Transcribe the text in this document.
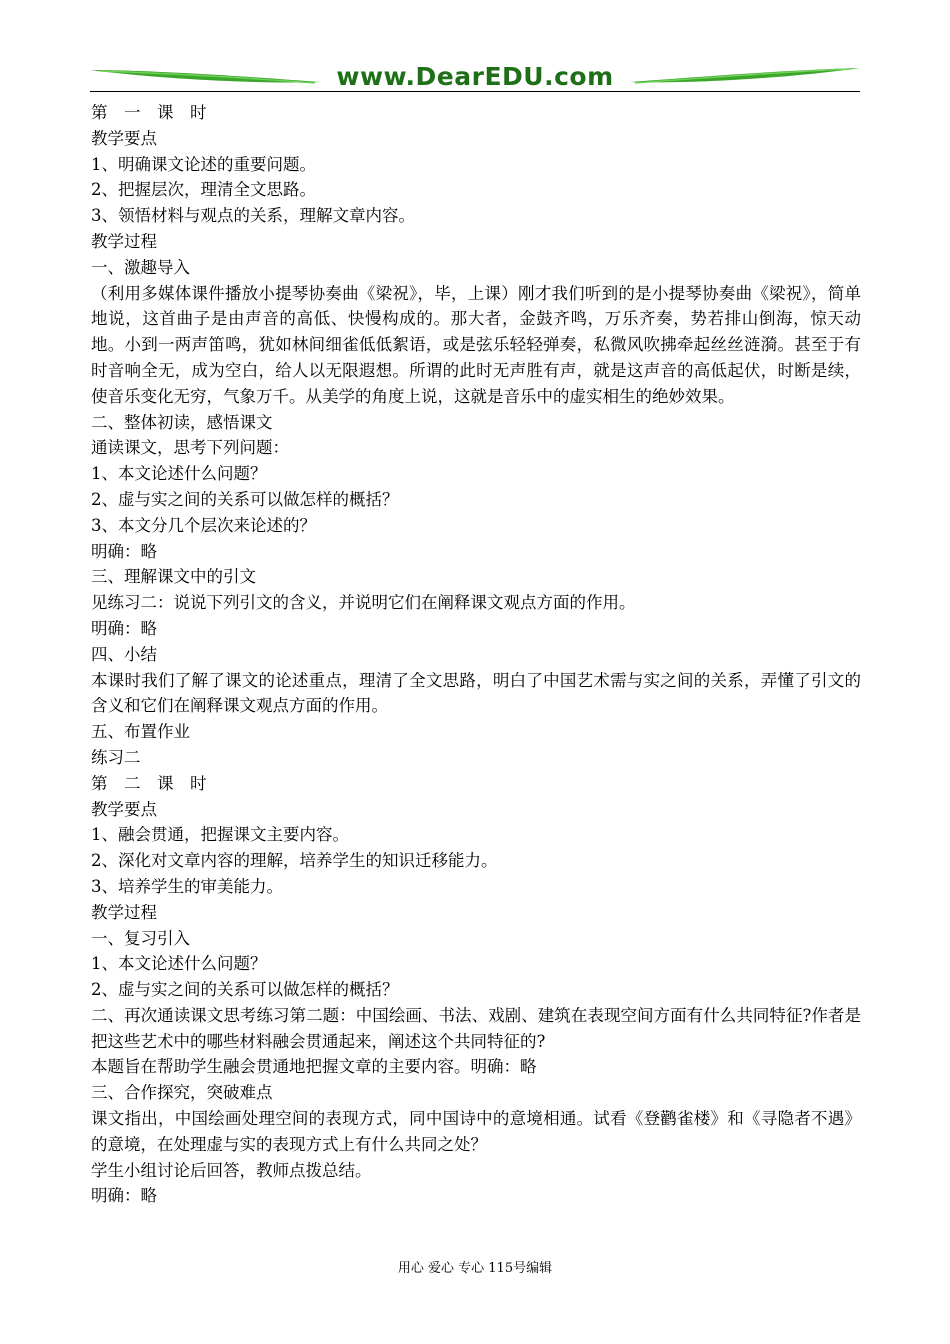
www.DearEDU.com
第　一　课　时
教学要点
1、明确课文论述的重要问题。
2、把握层次，理清全文思路。
3、领悟材料与观点的关系，理解文章内容。
教学过程
一、激趣导入
（利用多媒体课件播放小提琴协奏曲《梁祝》，毕，上课）刚才我们听到的是小提琴协奏曲《梁祝》，简单地说，这首曲子是由声音的高低、快慢构成的。那大者，金鼓齐鸣，万乐齐奏，势若排山倒海，惊天动地。小到一两声笛鸣，犹如林间细雀低低絮语，或是弦乐轻轻弹奏，私微风吹拂牵起丝丝涟漪。甚至于有时音响全无，成为空白，给人以无限遐想。所谓的此时无声胜有声，就是这声音的高低起伏，时断是续，使音乐变化无穷，气象万千。从美学的角度上说，这就是音乐中的虚实相生的绝妙效果。
二、整体初读，感悟课文
通读课文，思考下列问题：
1、本文论述什么问题？
2、虚与实之间的关系可以做怎样的概括？
3、本文分几个层次来论述的？
明确：略
三、理解课文中的引文
见练习二：说说下列引文的含义，并说明它们在阐释课文观点方面的作用。
明确：略
四、小结
本课时我们了解了课文的论述重点，理清了全文思路，明白了中国艺术需与实之间的关系，弄懂了引文的含义和它们在阐释课文观点方面的作用。
五、布置作业
练习二
第　二　课　时
教学要点
1、融会贯通，把握课文主要内容。
2、深化对文章内容的理解，培养学生的知识迁移能力。
3、培养学生的审美能力。
教学过程
一、复习引入
1、本文论述什么问题？
2、虚与实之间的关系可以做怎样的概括？
二、再次通读课文思考练习第二题：中国绘画、书法、戏剧、建筑在表现空间方面有什么共同特征?作者是把这些艺术中的哪些材料融会贯通起来，阐述这个共同特征的?
本题旨在帮助学生融会贯通地把握文章的主要内容。明确：略
三、合作探究，突破难点
课文指出，中国绘画处理空间的表现方式，同中国诗中的意境相通。试看《登鹳雀楼》和《寻隐者不遇》的意境，在处理虚与实的表现方式上有什么共同之处？
学生小组讨论后回答，教师点拨总结。
明确：略
用心 爱心 专心 115号编辑
